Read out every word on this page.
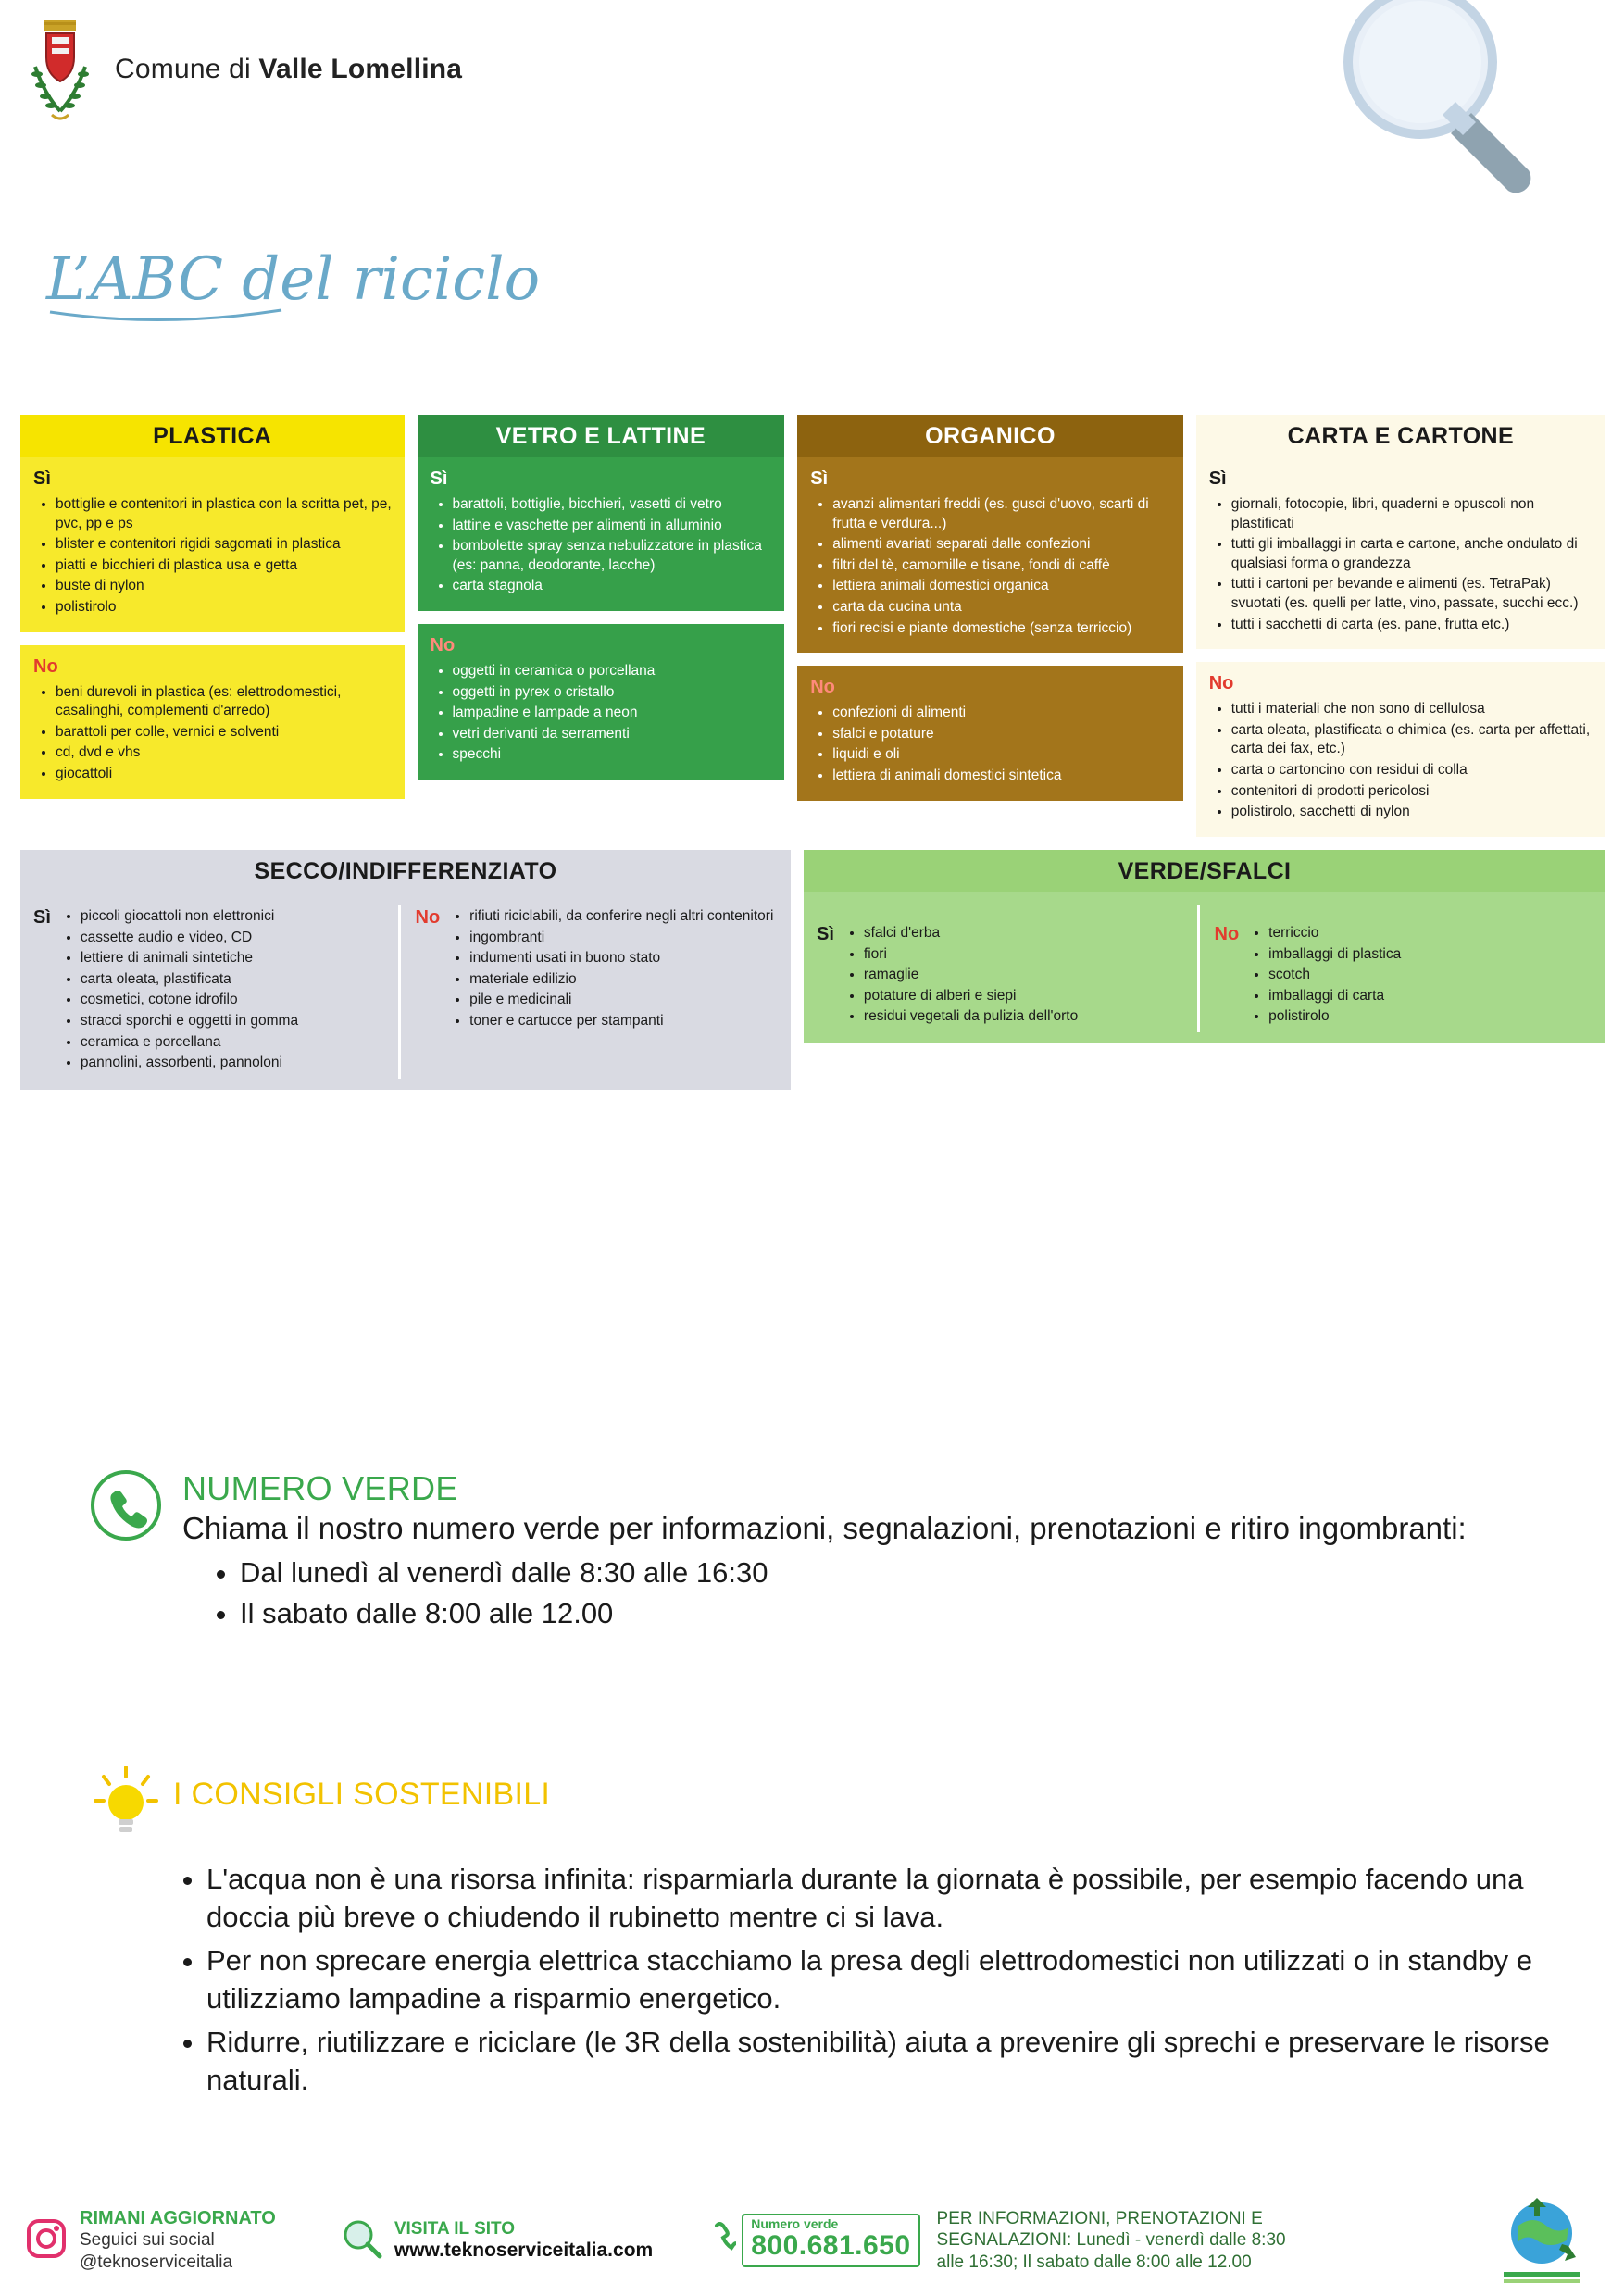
Comune di Valle Lomellina
L’ABC del riciclo
PLASTICA
Sì
• bottiglie e contenitori in plastica con la scritta pet, pe, pvc, pp e ps
• blister e contenitori rigidi sagomati in plastica
• piatti e bicchieri di plastica usa e getta
• buste di nylon
• polistirolo
No
• beni durevoli in plastica (es: elettrodomestici, casalinghi, complementi d'arredo)
• barattoli per colle, vernici e solventi
• cd, dvd e vhs
• giocattoli
VETRO E LATTINE
Sì
• barattoli, bottiglie, bicchieri, vasetti di vetro
• lattine e vaschette per alimenti in alluminio
• bombolette spray senza nebulizzatore in plastica (es: panna, deodorante, lacche)
• carta stagnola
No
• oggetti in ceramica o porcellana
• oggetti in pyrex o cristallo
• lampadine e lampade a neon
• vetri derivanti da serramenti
• specchi
ORGANICO
Sì
• avanzi alimentari freddi (es. gusci d'uovo, scarti di frutta e verdura...)
• alimenti avariati separati dalle confezioni
• filtri del tè, camomille e tisane, fondi di caffè
• lettiera animali domestici organica
• carta da cucina unta
• fiori recisi e piante domestiche (senza terriccio)
No
• confezioni di alimenti
• sfalci e potature
• liquidi e oli
• lettiera di animali domestici sintetica
CARTA E CARTONE
Sì
• giornali, fotocopie, libri, quaderni e opuscoli non plastificati
• tutti gli imballaggi in carta e cartone, anche ondulato di qualsiasi forma o grandezza
• tutti i cartoni per bevande e alimenti (es. TetraPak) svuotati (es. quelli per latte, vino, passate, succhi ecc.)
• tutti i sacchetti di carta (es. pane, frutta etc.)
No
• tutti i materiali che non sono di cellulosa
• carta oleata, plastificata o chimica (es. carta per affettati, carta dei fax, etc.)
• carta o cartoncino con residui di colla
• contenitori di prodotti pericolosi
• polistirolo, sacchetti di nylon
SECCO/INDIFFERENZIATO
Sì	• piccoli giocattoli non elettronici
• cassette audio e video, CD
• lettiere di animali sintetiche
• carta oleata, plastificata
• cosmetici, cotone idrofilo
• stracci sporchi e oggetti in gomma
• ceramica e porcellana
• pannolini, assorbenti, pannoloni
No	• rifiuti riciclabili, da conferire negli altri contenitori
• ingombranti
• indumenti usati in buono stato
• materiale edilizio
• pile e medicinali
• toner e cartucce per stampanti
VERDE/SFALCI
Sì	• sfalci d'erba
• fiori
• ramaglie
• potature di alberi e siepi
• residui vegetali da pulizia dell'orto
No	• terriccio
• imballaggi di plastica
• scotch
• imballaggi di carta
• polistirolo
NUMERO VERDE
Chiama il nostro numero verde per informazioni, segnalazioni, prenotazioni e ritiro ingombranti:
• Dal lunedì al venerdì dalle 8:30 alle 16:30
• Il sabato dalle 8:00 alle 12.00
I CONSIGLI SOSTENIBILI
• L'acqua non è una risorsa infinita: risparmiarla durante la giornata è possibile, per esempio facendo una doccia più breve o chiudendo il rubinetto mentre ci si lava.
• Per non sprecare energia elettrica stacchiamo la presa degli elettrodomestici non utilizzati o in standby e utilizziamo lampadine a risparmio energetico.
• Ridurre, riutilizzare e riciclare (le 3R della sostenibilità) aiuta a prevenire gli sprechi e preservare le risorse naturali.
RIMANI AGGIORNATO
Seguici sui social
@teknoserviceitalia
VISITA IL SITO
www.teknoserviceitalia.com
Numero verde
800.681.650
PER INFORMAZIONI, PRENOTAZIONI E
SEGNALAZIONI: Lunedì - venerdì dalle 8:30
alle 16:30; Il sabato dalle 8:00 alle 12.00
